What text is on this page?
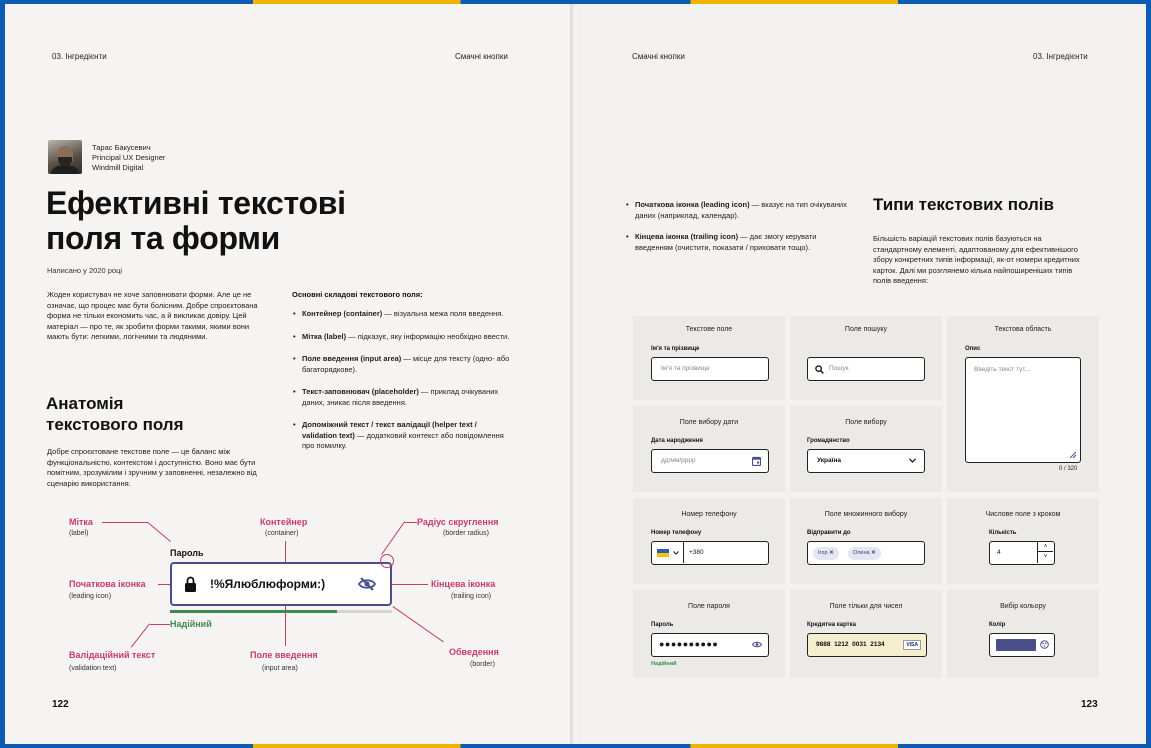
03. Інгредієнти	Смачні кнопки
Тарас Бакусевич
Principal UX Designer
Windmill Digital
Ефективні текстові
поля та форми
Написано у 2020 році
Жоден користувач не хоче заповнювати форми. Але це не означає, що процес має бути болісним. Добре спроєктована форма не тільки економить час, а й викликає довіру. Цей матеріал — про те, як зробити форми такими, якими вони мають бути: легкими, логічними та людяними.
Анатомія
текстового поля
Добре спроєктоване текстове поле — це баланс між функціональністю, контекстом і доступністю. Воно має бути помітним, зрозумілим і зручним у заповненні, незалежно від сценарію використання.
Основні складові текстового поля:
• Контейнер (container) — візуальна межа поля введення.
• Мітка (label) — підказує, яку інформацію необхідно ввести.
• Поле введення (input area) — місце для тексту (одно- або багаторядкове).
• Текст-заповнювач (placeholder) — приклад очікуваних даних, зникає після введення.
• Допоміжний текст / текст валідації (helper text / validation text) — додатковий контекст або повідомлення про помилку.
Мітка
(label)
Контейнер
(container)
Радіус скруглення
(border radius)
Початкова іконка
(leading icon)
Кінцева іконка
(trailing icon)
Валідаційний текст
(validation text)
Поле введення
(input area)
Обведення
(border)
Пароль
!%Ялюблюформи:)
Надійний
122
Смачні кнопки	03. Інгредієнти
• Початкова іконка (leading icon) — вказує на тип очікуваних даних (наприклад, календар).
• Кінцева іконка (trailing icon) — дає змогу керувати введенням (очистити, показати / приховати тощо).
Типи текстових полів
Більшість варіацій текстових полів базуються на стандартному елементі, адаптованому для ефективнішого збору конкретних типів інформації, як-от номери кредитних карток. Далі ми розглянемо кілька найпоширеніших типів полів введення:
Текстове поле
Ім'я та прізвище
Ім'я та прізвище
Поле пошуку
Пошук
Текстова область
Опис
Введіть текст тут...
0 / 320
Поле вибору дати
Дата народження
дд/мм/рррр
Поле вибору
Громадянство
Україна
Номер телефону
Номер телефону
+380
Поле множинного вибору
Відправити до
Ігор ✕	Олена ✕
Числове поле з кроком
Кількість
4
˄
˅
Поле пароля
Пароль
●●●●●●●●●●
Надійний
Поле тільки для чисел
Кредитна картка
9888  1212  0031  2134	VISA
Вибір кольору
Колір
123
